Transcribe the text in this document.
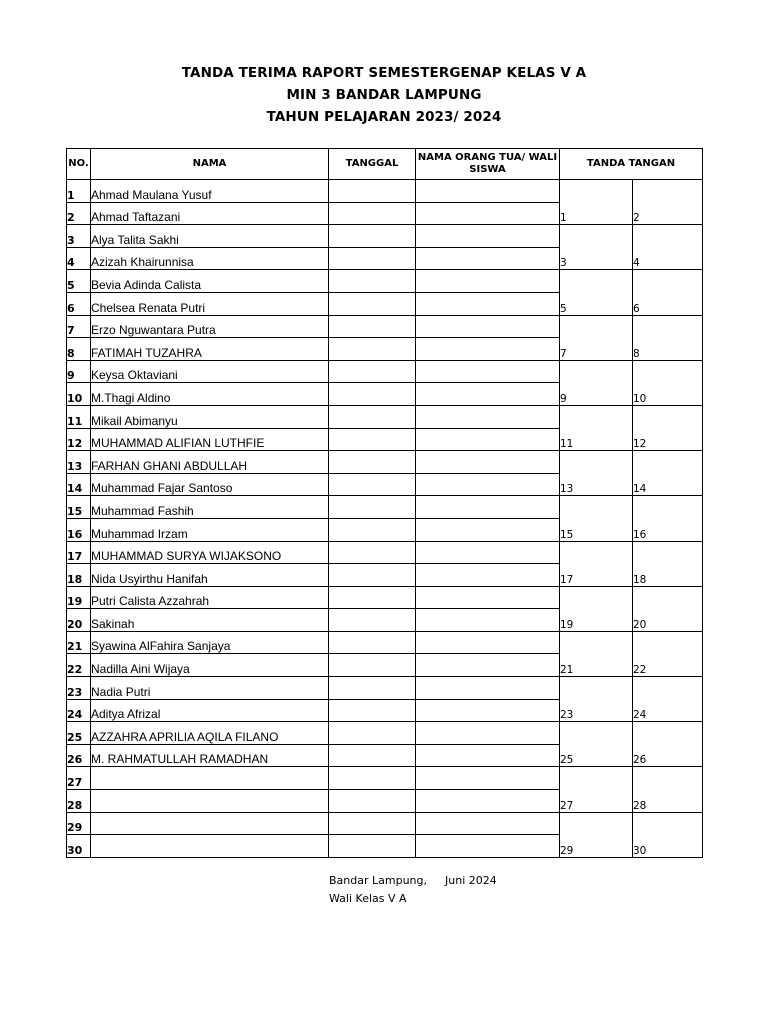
TANDA TERIMA RAPORT SEMESTERGENAP KELAS V A
MIN 3 BANDAR LAMPUNG
TAHUN PELAJARAN 2023/ 2024
NO.	NAMA	TANGGAL	NAMA ORANG TUA/ WALI SISWA	TANDA TANGAN	
1	Ahmad Maulana Yusuf			1	2
2	Ahmad Taftazani				
3	Alya Talita Sakhi			3	4
4	Azizah Khairunnisa				
5	Bevia Adinda Calista			5	6
6	Chelsea Renata Putri				
7	Erzo Nguwantara Putra			7	8
8	FATIMAH TUZAHRA				
9	Keysa Oktaviani			9	10
10	M.Thagi Aldino				
11	Mikail Abimanyu			11	12
12	MUHAMMAD ALIFIAN LUTHFIE				
13	FARHAN GHANI ABDULLAH			13	14
14	Muhammad Fajar Santoso				
15	Muhammad Fashih			15	16
16	Muhammad Irzam				
17	MUHAMMAD SURYA WIJAKSONO			17	18
18	Nida Usyirthu Hanifah				
19	Putri Calista Azzahrah			19	20
20	Sakinah				
21	Syawina AlFahira Sanjaya			21	22
22	Nadilla Aini Wijaya				
23	Nadia Putri			23	24
24	Aditya Afrizal				
25	AZZAHRA APRILIA AQILA FILANO			25	26
26	M. RAHMATULLAH RAMADHAN				
27				27	28
28					
29				29	30
30					
Bandar Lampung, Juni 2024
Wali Kelas V A
